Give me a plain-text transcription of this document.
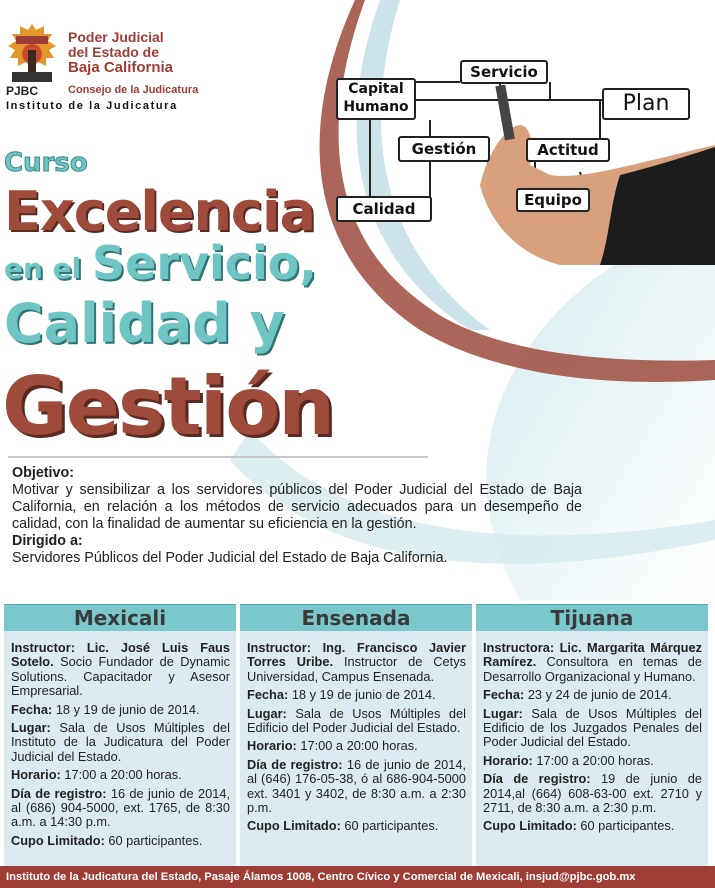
Poder Judicial
del Estado de
Baja California
Consejo de la Judicatura
PJBC
Instituto de la Judicatura
Servicio
Capital
Humano	Plan
Gestión	Actitud
Calidad	Equipo
Curso
Excelencia
en el Servicio,
Calidad y
Gestión
Objetivo:

Motivar y sensibilizar a los servidores públicos del Poder Judicial del Estado de Baja California, en relación a los métodos de servicio adecuados para un desempeño de calidad, con la finalidad de aumentar su eficiencia en la gestión.

Dirigido a:

Servidores Públicos del Poder Judicial del Estado de Baja California.

Mexicali
Instructor: Lic. José Luis Faus Sotelo. Socio Fundador de Dynamic Solutions. Capacitador y Asesor Empresarial.
Fecha: 18 y 19 de junio de 2014.
Lugar: Sala de Usos Múltiples del Instituto de la Judicatura del Poder Judicial del Estado.
Horario: 17:00 a 20:00 horas.
Día de registro: 16 de junio de 2014, al (686) 904-5000, ext. 1765, de 8:30 a.m. a 14:30 p.m.
Cupo Limitado: 60 participantes.
Ensenada
Instructor: Ing. Francisco Javier Torres Uribe. Instructor de Cetys Universidad, Campus Ensenada.
Fecha: 18 y 19 de junio de 2014.
Lugar: Sala de Usos Múltiples del Edificio del Poder Judicial del Estado.
Horario: 17:00 a 20:00 horas.
Día de registro: 16 de junio de 2014, al (646) 176-05-38, ó al 686-904-5000 ext. 3401 y 3402, de 8:30 a.m. a 2:30 p.m.
Cupo Limitado: 60 participantes.
Tijuana
Instructora: Lic. Margarita Márquez Ramírez. Consultora en temas de Desarrollo Organizacional y Humano.
Fecha: 23 y 24 de junio de 2014.
Lugar: Sala de Usos Múltiples del Edificio de los Juzgados Penales del Poder Judicial del Estado.
Horario: 17:00 a 20:00 horas.
Día de registro: 19 de junio de 2014,al (664) 608-63-00 ext. 2710 y 2711, de 8:30 a.m. a 2:30 p.m.
Cupo Limitado: 60 participantes.
Instituto de la Judicatura del Estado, Pasaje Álamos 1008, Centro Cívico y Comercial de Mexicali, insjud@pjbc.gob.mx
